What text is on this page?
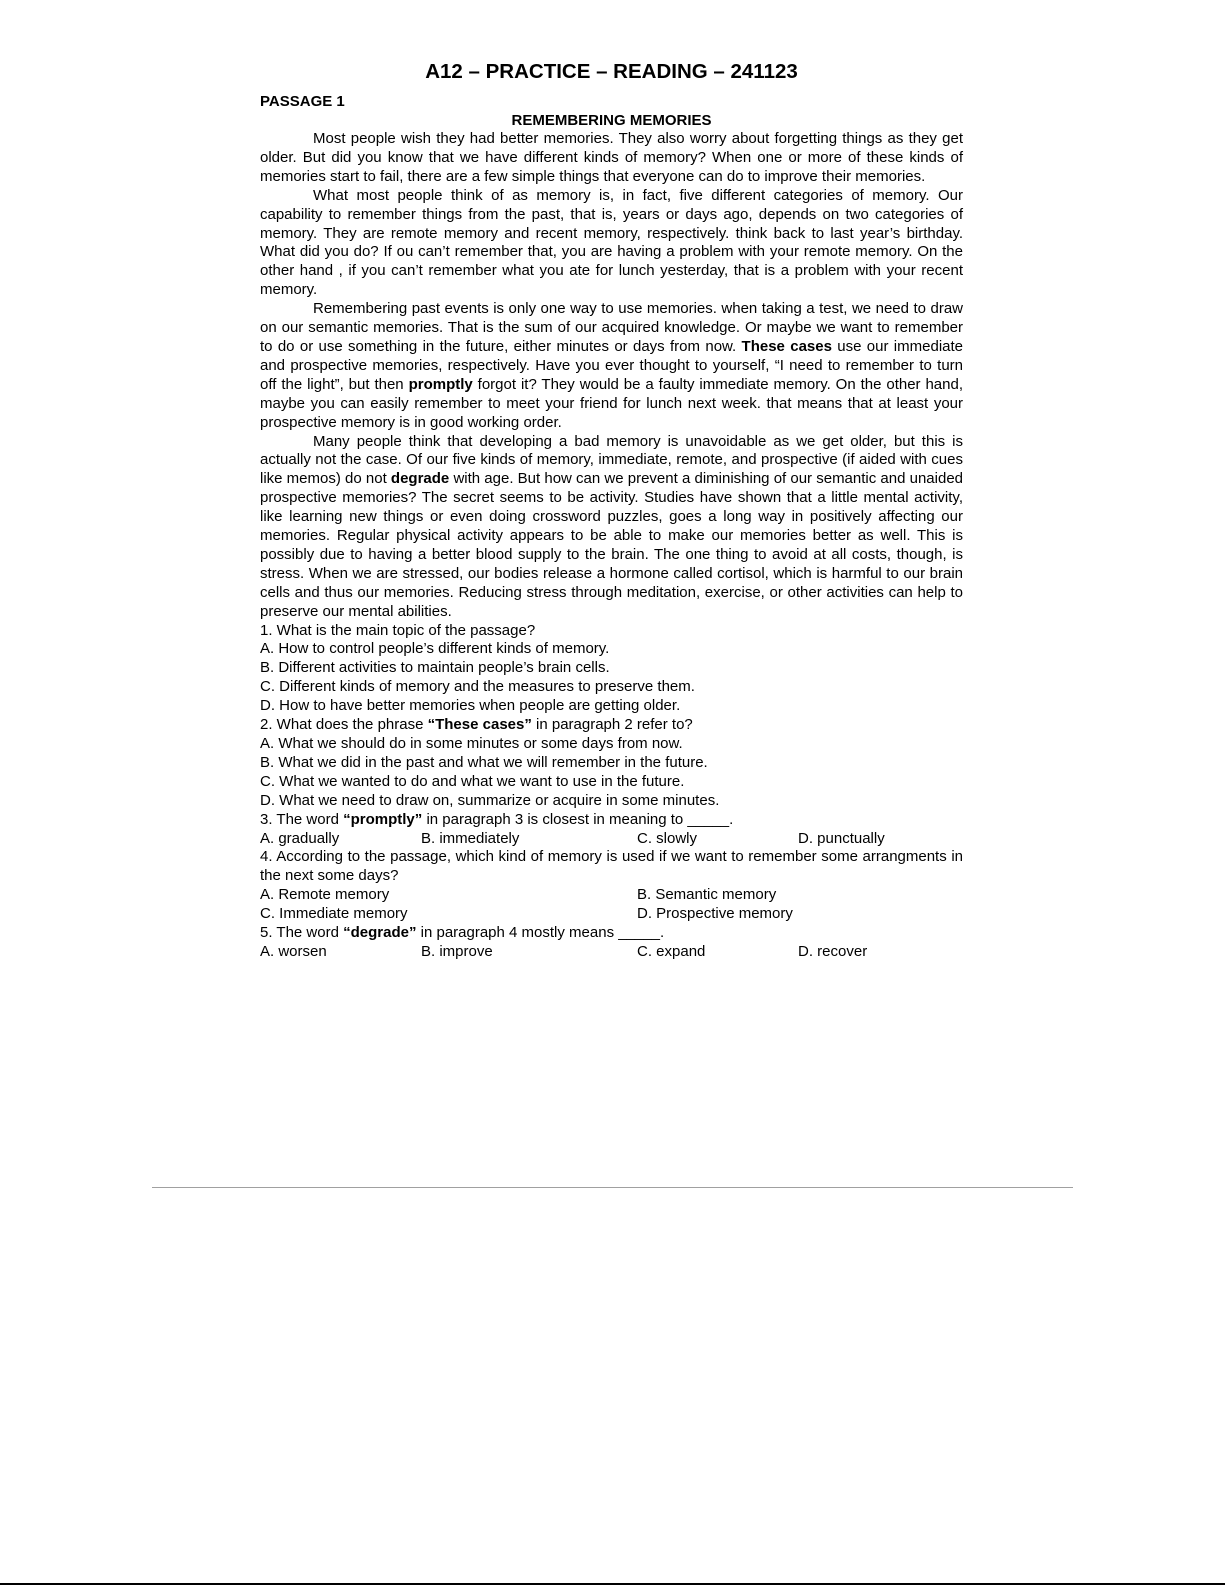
A12 – PRACTICE – READING – 241123
PASSAGE 1
REMEMBERING MEMORIES

Most people wish they had better memories. They also worry about forgetting things as they get older. But did you know that we have different kinds of memory? When one or more of these kinds of memories start to fail, there are a few simple things that everyone can do to improve their memories.

What most people think of as memory is, in fact, five different categories of memory. Our capability to remember things from the past, that is, years or days ago, depends on two categories of memory. They are remote memory and recent memory, respectively. think back to last year’s birthday. What did you do? If ou can’t remember that, you are having a problem with your remote memory. On the other hand , if you can’t remember what you ate for lunch yesterday, that is a problem with your recent memory.

Remembering past events is only one way to use memories. when taking a test, we need to draw on our semantic memories. That is the sum of our acquired knowledge. Or maybe we want to remember to do or use something in the future, either minutes or days from now. These cases use our immediate and prospective memories, respectively. Have you ever thought to yourself, “I need to remember to turn off the light”, but then promptly forgot it? They would be a faulty immediate memory. On the other hand, maybe you can easily remember to meet your friend for lunch next week. that means that at least your prospective memory is in good working order.

Many people think that developing a bad memory is unavoidable as we get older, but this is actually not the case. Of our five kinds of memory, immediate, remote, and prospective (if aided with cues like memos) do not degrade with age. But how can we prevent a diminishing of our semantic and unaided prospective memories? The secret seems to be activity. Studies have shown that a little mental activity, like learning new things or even doing crossword puzzles, goes a long way in positively affecting our memories. Regular physical activity appears to be able to make our memories better as well. This is possibly due to having a better blood supply to the brain. The one thing to avoid at all costs, though, is stress. When we are stressed, our bodies release a hormone called cortisol, which is harmful to our brain cells and thus our memories. Reducing stress through meditation, exercise, or other activities can help to preserve our mental abilities.

1. What is the main topic of the passage?

A. How to control people’s different kinds of memory.

B. Different activities to maintain people’s brain cells.

C. Different kinds of memory and the measures to preserve them.

D. How to have better memories when people are getting older.

2. What does the phrase “These cases” in paragraph 2 refer to?

A. What we should do in some minutes or some days from now.

B. What we did in the past and what we will remember in the future.

C. What we wanted to do and what we want to use in the future.

D. What we need to draw on, summarize or acquire in some minutes.

3. The word “promptly” in paragraph 3 is closest in meaning to _____.

A. gradually	B. immediately	C. slowly	D. punctually

4. According to the passage, which kind of memory is used if we want to remember some arrangments in the next some days?

A. Remote memory	B. Semantic memory
C. Immediate memory	D. Prospective memory

5. The word “degrade” in paragraph 4 mostly means _____.

A. worsen	B. improve	C. expand	D. recover
